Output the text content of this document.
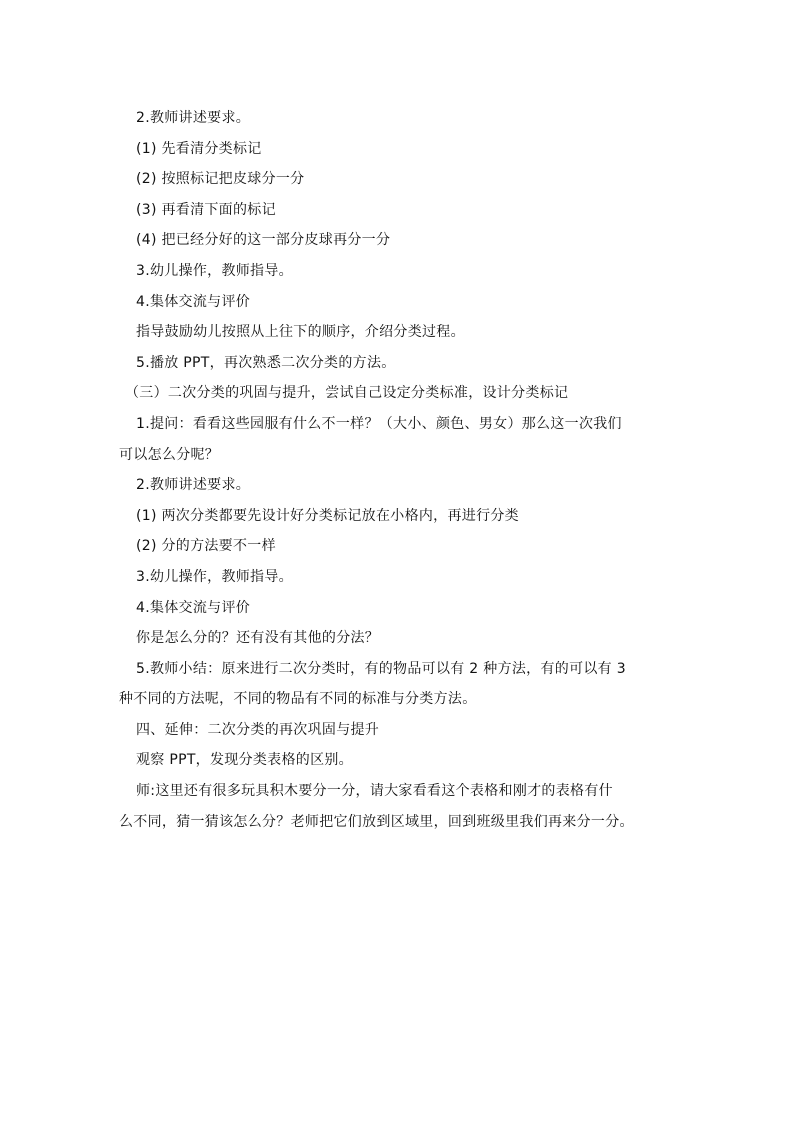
2.教师讲述要求。
(1) 先看清分类标记
(2) 按照标记把皮球分一分
(3) 再看清下面的标记
(4) 把已经分好的这一部分皮球再分一分
3.幼儿操作，教师指导。
4.集体交流与评价
指导鼓励幼儿按照从上往下的顺序，介绍分类过程。
5.播放 PPT，再次熟悉二次分类的方法。
（三）二次分类的巩固与提升，尝试自己设定分类标准，设计分类标记
1.提问：看看这些园服有什么不一样？（大小、颜色、男女）那么这一次我们
可以怎么分呢？
2.教师讲述要求。
(1) 两次分类都要先设计好分类标记放在小格内，再进行分类
(2) 分的方法要不一样
3.幼儿操作，教师指导。
4.集体交流与评价
你是怎么分的？还有没有其他的分法？
5.教师小结：原来进行二次分类时，有的物品可以有 2 种方法，有的可以有 3
种不同的方法呢，不同的物品有不同的标准与分类方法。
四、延伸：二次分类的再次巩固与提升
观察 PPT，发现分类表格的区别。
师:这里还有很多玩具积木要分一分，请大家看看这个表格和刚才的表格有什
么不同，猜一猜该怎么分？老师把它们放到区域里，回到班级里我们再来分一分。
